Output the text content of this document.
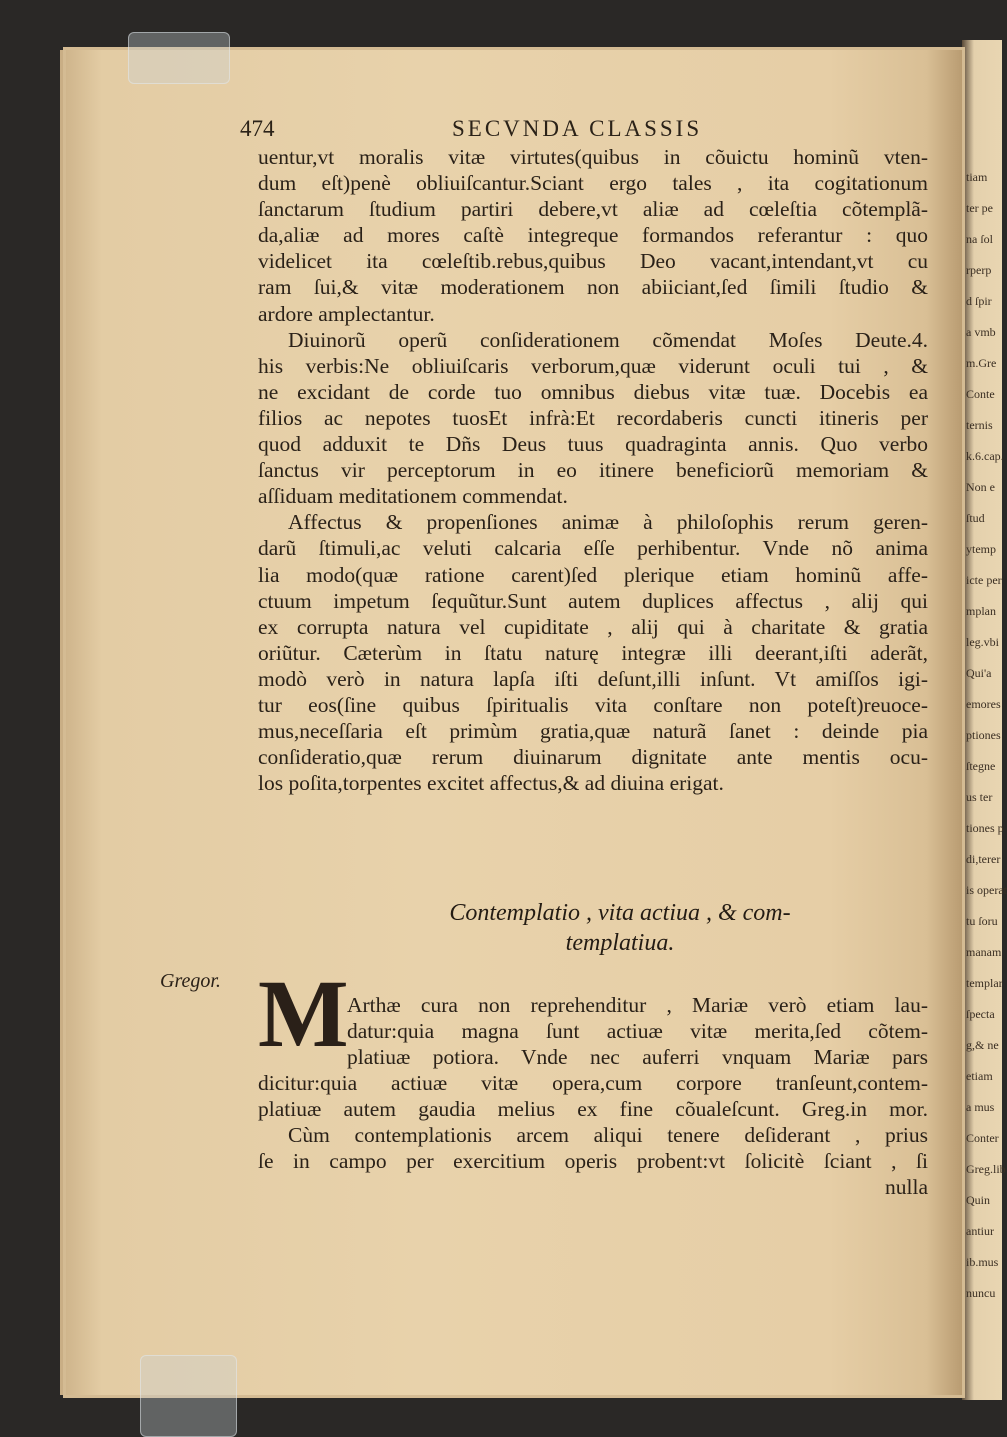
tiam
ter pe
na ſol
rperp
d ſpir
a vmb
m.Gre
Conte
ternis
k.6.cap.
Non e
ſtud
ytemp
icte per
mplan
leg.vbi
Qui'a
emores
ptiones
ſtegne
us ter
tiones p
di,terer
is operat
tu ſoru
manam
templar
ſpecta
g,& ne
etiam
a mus
Conter
Greg.lib
Quin
antiur
ib.mus
nuncu
474	SECVNDA CLASSIS
uentur,vt moralis vitæ virtutes(quibus in cõuictu hominũ vten-
dum eſt)penè obliuiſcantur.Sciant ergo tales , ita cogitationum
ſanctarum ſtudium partiri debere,vt aliæ ad cœleſtia cõtemplã-
da,aliæ ad mores caſtè integreque formandos referantur : quo
videlicet ita cœleſtib.rebus,quibus Deo vacant,intendant,vt cu
ram ſui,& vitæ moderationem non abiiciant,ſed ſimili ſtudio &
ardore amplectantur.
Diuinorũ operũ conſiderationem cõmendat Moſes Deute.4.
his verbis:Ne obliuiſcaris verborum,quæ viderunt oculi tui , &
ne excidant de corde tuo omnibus diebus vitæ tuæ. Docebis ea
filios ac nepotes tuosEt infrà:Et recordaberis cuncti itineris per
quod adduxit te Dñs Deus tuus quadraginta annis. Quo verbo
ſanctus vir perceptorum in eo itinere beneficiorũ memoriam &
aſſiduam meditationem commendat.
Affectus & propenſiones animæ à philoſophis rerum geren-
darũ ſtimuli,ac veluti calcaria eſſe perhibentur. Vnde nõ anima
lia modo(quæ ratione carent)ſed plerique etiam hominũ affe-
ctuum impetum ſequũtur.Sunt autem duplices affectus , alij qui
ex corrupta natura vel cupiditate , alij qui à charitate & gratia
oriũtur. Cæterùm in ſtatu naturę integræ illi deerant,iſti aderãt,
modò verò in natura lapſa iſti deſunt,illi inſunt. Vt amiſſos igi-
tur eos(ſine quibus ſpiritualis vita conſtare non poteſt)reuoce-
mus,neceſſaria eſt primùm gratia,quæ naturã ſanet : deinde pia
conſideratio,quæ rerum diuinarum dignitate ante mentis ocu-
los poſita,torpentes excitet affectus,& ad diuina erigat.
Contemplatio , vita actiua , & com-
templatiua.
Gregor. M
Arthæ cura non reprehenditur , Mariæ verò etiam lau-
datur:quia magna ſunt actiuæ vitæ merita,ſed cõtem-
platiuæ potiora. Vnde nec auferri vnquam Mariæ pars
dicitur:quia actiuæ vitæ opera,cum corpore tranſeunt,contem-
platiuæ autem gaudia melius ex fine cõualeſcunt. Greg.in mor.
Cùm contemplationis arcem aliqui tenere deſiderant , prius
ſe in campo per exercitium operis probent:vt ſolicitè ſciant , ſi
nulla
